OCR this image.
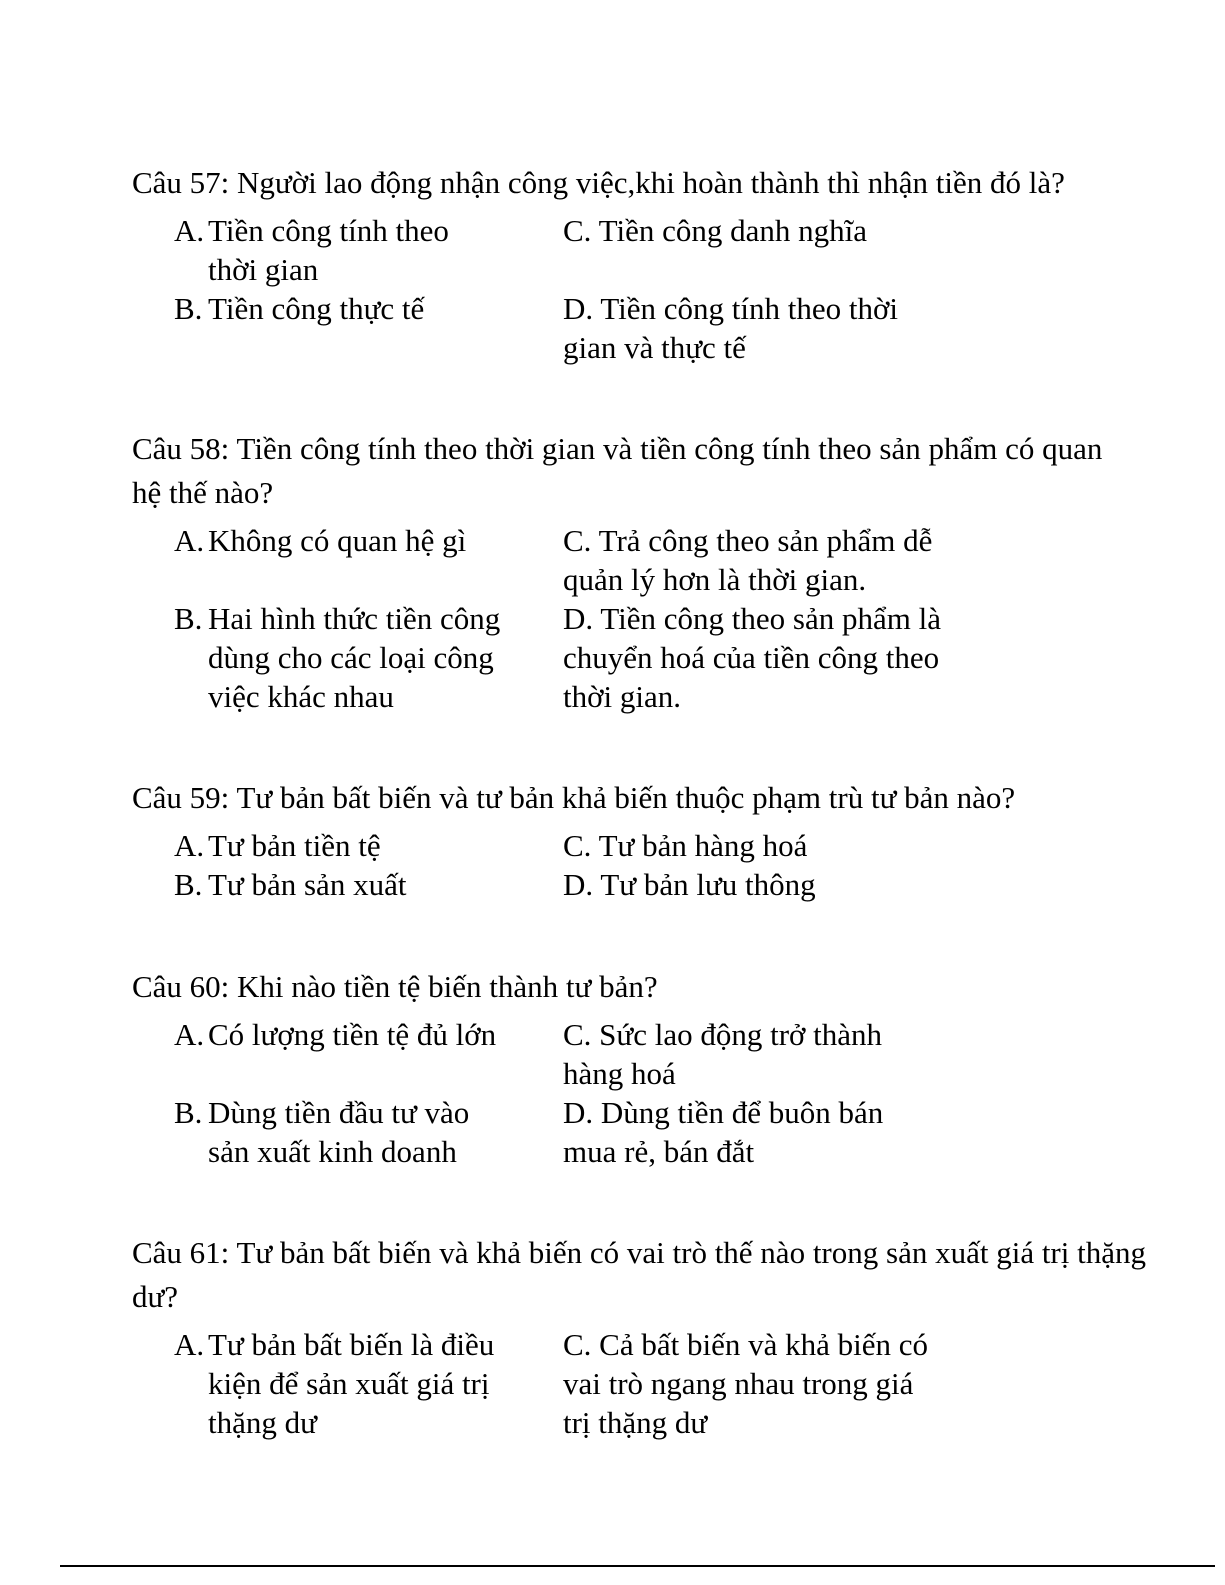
Câu 57: Người lao động nhận công việc,khi hoàn thành thì nhận tiền đó là?

A. Tiền công tính theo thời gian
B. Tiền công thực tế
C. Tiền công danh nghĩa
D. Tiền công tính theo thời gian và thực tế

Câu 58: Tiền công tính theo thời gian và tiền công tính theo sản phẩm có quan hệ thế nào?

A. Không có quan hệ gì
B. Hai hình thức tiền công dùng cho các loại công việc khác nhau
C. Trả công theo sản phẩm dễ quản lý hơn là thời gian.
D. Tiền công theo sản phẩm là chuyển hoá của tiền công theo thời gian.

Câu 59: Tư bản bất biến và tư bản khả biến thuộc phạm trù tư bản nào?

A. Tư bản tiền tệ
B. Tư bản sản xuất
C. Tư bản hàng hoá
D. Tư bản lưu thông

Câu 60: Khi nào tiền tệ biến thành tư bản?

A. Có lượng tiền tệ đủ lớn
B. Dùng tiền đầu tư vào sản xuất kinh doanh
C. Sức lao động trở thành hàng hoá
D. Dùng tiền để buôn bán mua rẻ, bán đắt

Câu 61: Tư bản bất biến và khả biến có vai trò thế nào trong sản xuất giá trị thặng dư?

A. Tư bản bất biến là điều kiện để sản xuất giá trị thặng dư
C. Cả bất biến và khả biến có vai trò ngang nhau trong giá trị thặng dư
